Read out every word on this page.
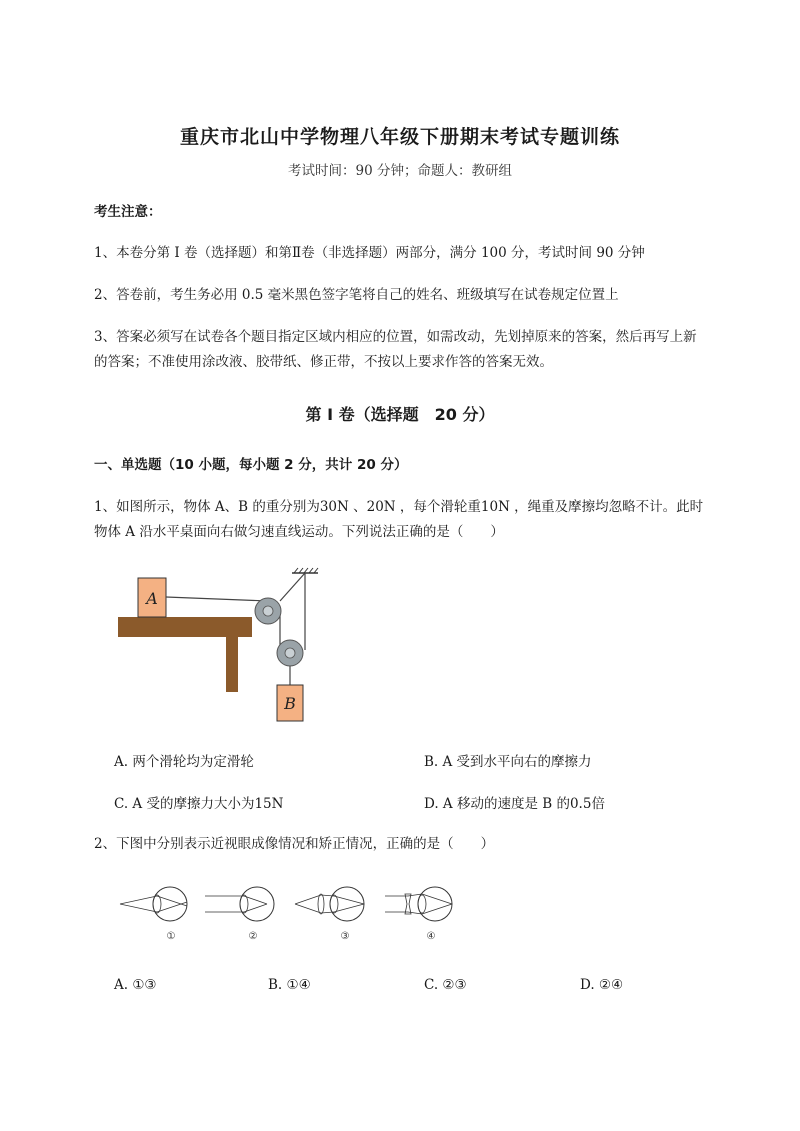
重庆市北山中学物理八年级下册期末考试专题训练
考试时间：90 分钟；命题人：教研组
考生注意：
1、本卷分第 I 卷（选择题）和第Ⅱ卷（非选择题）两部分，满分 100 分，考试时间 90 分钟
2、答卷前，考生务必用 0.5 毫米黑色签字笔将自己的姓名、班级填写在试卷规定位置上
3、答案必须写在试卷各个题目指定区域内相应的位置，如需改动，先划掉原来的答案，然后再写上新
的答案；不准使用涂改液、胶带纸、修正带，不按以上要求作答的答案无效。
第 I 卷（选择题　20 分）
一、单选题（10 小题，每小题 2 分，共计 20 分）
1、如图所示，物体 A、B 的重分别为30N 、20N ，每个滑轮重10N ，绳重及摩擦均忽略不计。此时
物体 A 沿水平桌面向右做匀速直线运动。下列说法正确的是（　　）
A
B
A. 两个滑轮均为定滑轮	B. A 受到水平向右的摩擦力
C. A 受的摩擦力大小为15N	D. A 移动的速度是 B 的0.5倍
2、下图中分别表示近视眼成像情况和矫正情况，正确的是（　　）
①	②	③	④
A. ①③	B. ①④	C. ②③	D. ②④
